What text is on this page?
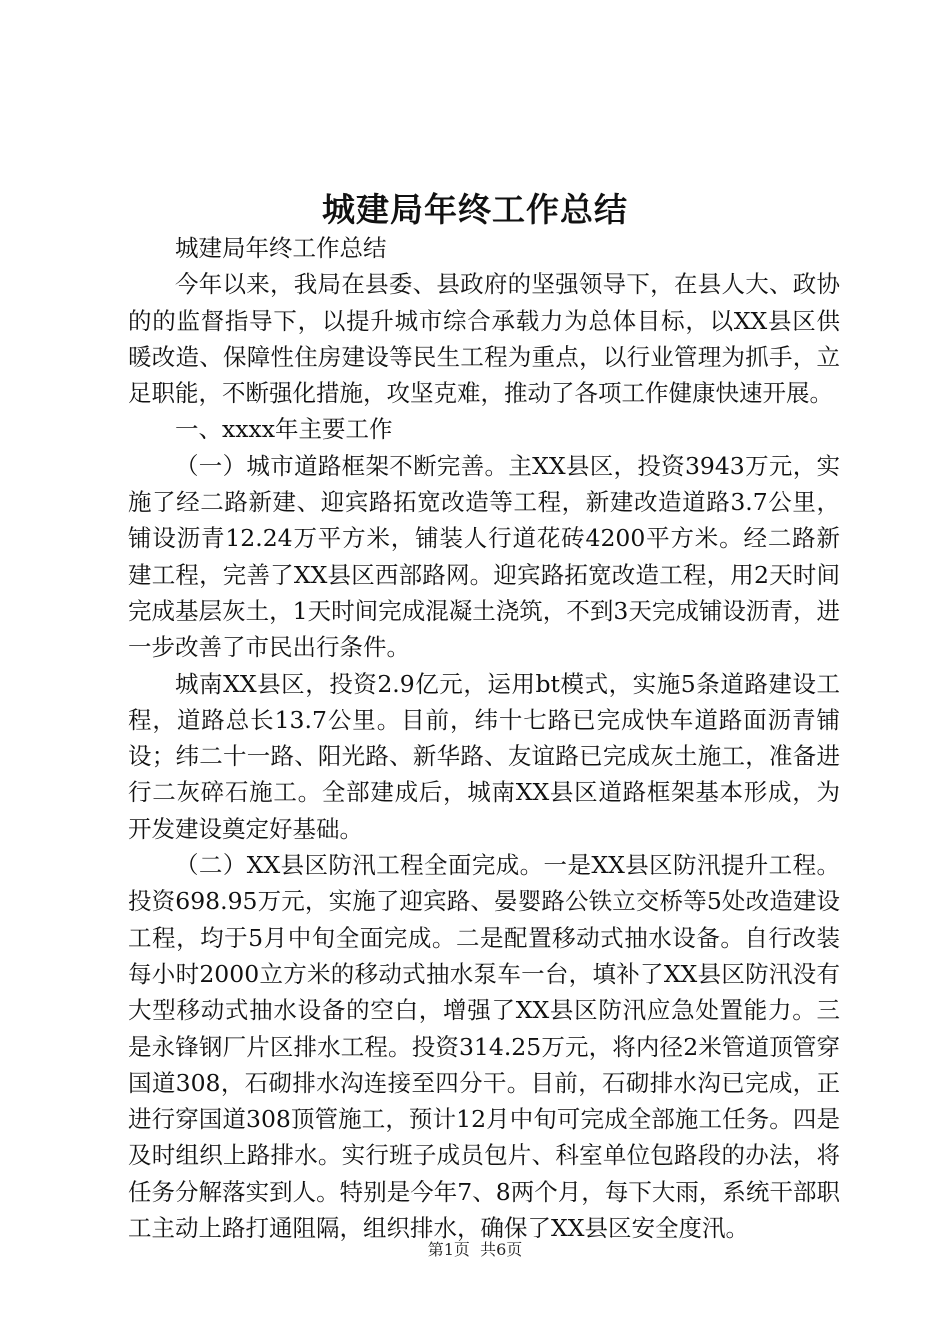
城建局年终工作总结

城建局年终工作总结

今年以来，我局在县委、县政府的坚强领导下，在县人大、政协的的监督指导下，以提升城市综合承载力为总体目标，以XX县区供暖改造、保障性住房建设等民生工程为重点，以行业管理为抓手，立足职能，不断强化措施，攻坚克难，推动了各项工作健康快速开展。

一、xxxx年主要工作

（一）城市道路框架不断完善。主XX县区，投资3943万元，实施了经二路新建、迎宾路拓宽改造等工程，新建改造道路3.7公里，铺设沥青12.24万平方米，铺装人行道花砖4200平方米。经二路新建工程，完善了XX县区西部路网。迎宾路拓宽改造工程，用2天时间完成基层灰土，1天时间完成混凝土浇筑，不到3天完成铺设沥青，进一步改善了市民出行条件。

城南XX县区，投资2.9亿元，运用bt模式，实施5条道路建设工程，道路总长13.7公里。目前，纬十七路已完成快车道路面沥青铺设；纬二十一路、阳光路、新华路、友谊路已完成灰土施工，准备进行二灰碎石施工。全部建成后，城南XX县区道路框架基本形成，为开发建设奠定好基础。

（二）XX县区防汛工程全面完成。一是XX县区防汛提升工程。投资698.95万元，实施了迎宾路、晏婴路公铁立交桥等5处改造建设工程，均于5月中旬全面完成。二是配置移动式抽水设备。自行改装每小时2000立方米的移动式抽水泵车一台，填补了XX县区防汛没有大型移动式抽水设备的空白，增强了XX县区防汛应急处置能力。三是永锋钢厂片区排水工程。投资314.25万元，将内径2米管道顶管穿国道308，石砌排水沟连接至四分干。目前，石砌排水沟已完成，正进行穿国道308顶管施工，预计12月中旬可完成全部施工任务。四是及时组织上路排水。实行班子成员包片、科室单位包路段的办法，将任务分解落实到人。特别是今年7、8两个月，每下大雨，系统干部职工主动上路打通阻隔，组织排水，确保了XX县区安全度汛。

第1页 共6页
